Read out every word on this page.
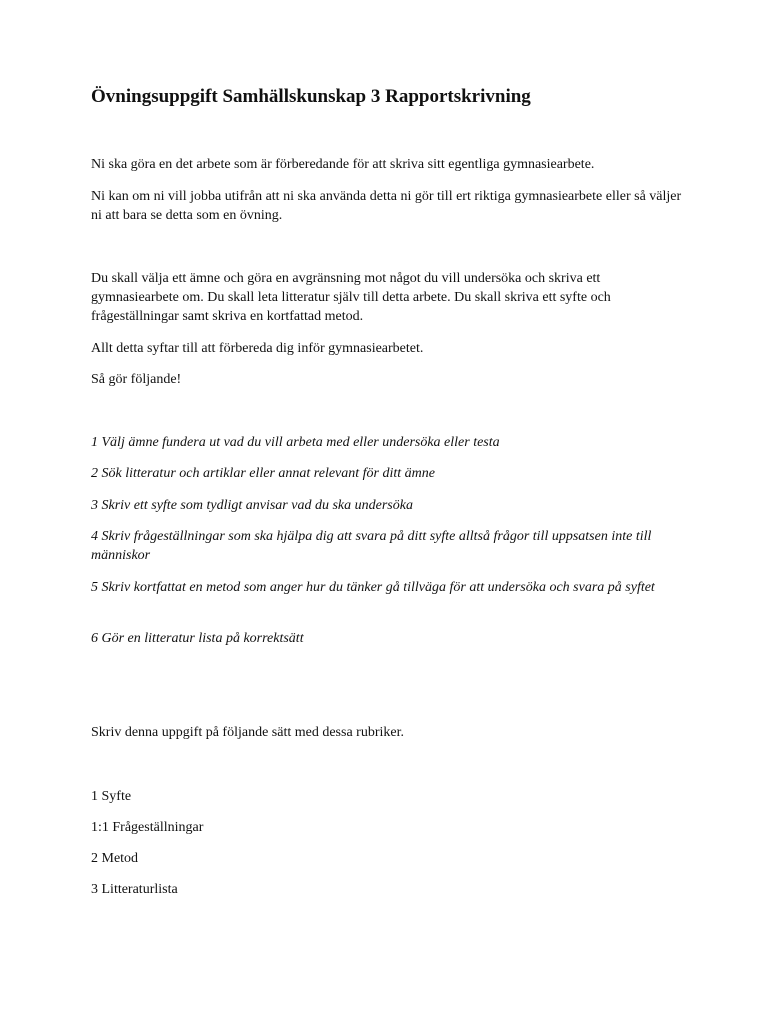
Övningsuppgift Samhällskunskap 3 Rapportskrivning

Ni ska göra en det arbete som är förberedande för att skriva sitt egentliga gymnasiearbete.

Ni kan om ni vill jobba utifrån att ni ska använda detta ni gör till ert riktiga gymnasiearbete eller så väljer ni att bara se detta som en övning.

Du skall välja ett ämne och göra en avgränsning mot något du vill undersöka och skriva ett gymnasiearbete om. Du skall leta litteratur själv till detta arbete. Du skall skriva ett syfte och frågeställningar samt skriva en kortfattad metod.

Allt detta syftar till att förbereda dig inför gymnasiearbetet.

Så gör följande!

1 Välj ämne fundera ut vad du vill arbeta med eller undersöka eller testa

2 Sök litteratur och artiklar eller annat relevant för ditt ämne

3 Skriv ett syfte som tydligt anvisar vad du ska undersöka

4 Skriv frågeställningar som ska hjälpa dig att svara på ditt syfte alltså frågor till uppsatsen inte till människor

5 Skriv kortfattat en metod som anger hur du tänker gå tillväga för att undersöka och svara på syftet

6 Gör en litteratur lista på korrektsätt

Skriv denna uppgift på följande sätt med dessa rubriker.

1 Syfte

1:1 Frågeställningar

2 Metod

3 Litteraturlista
